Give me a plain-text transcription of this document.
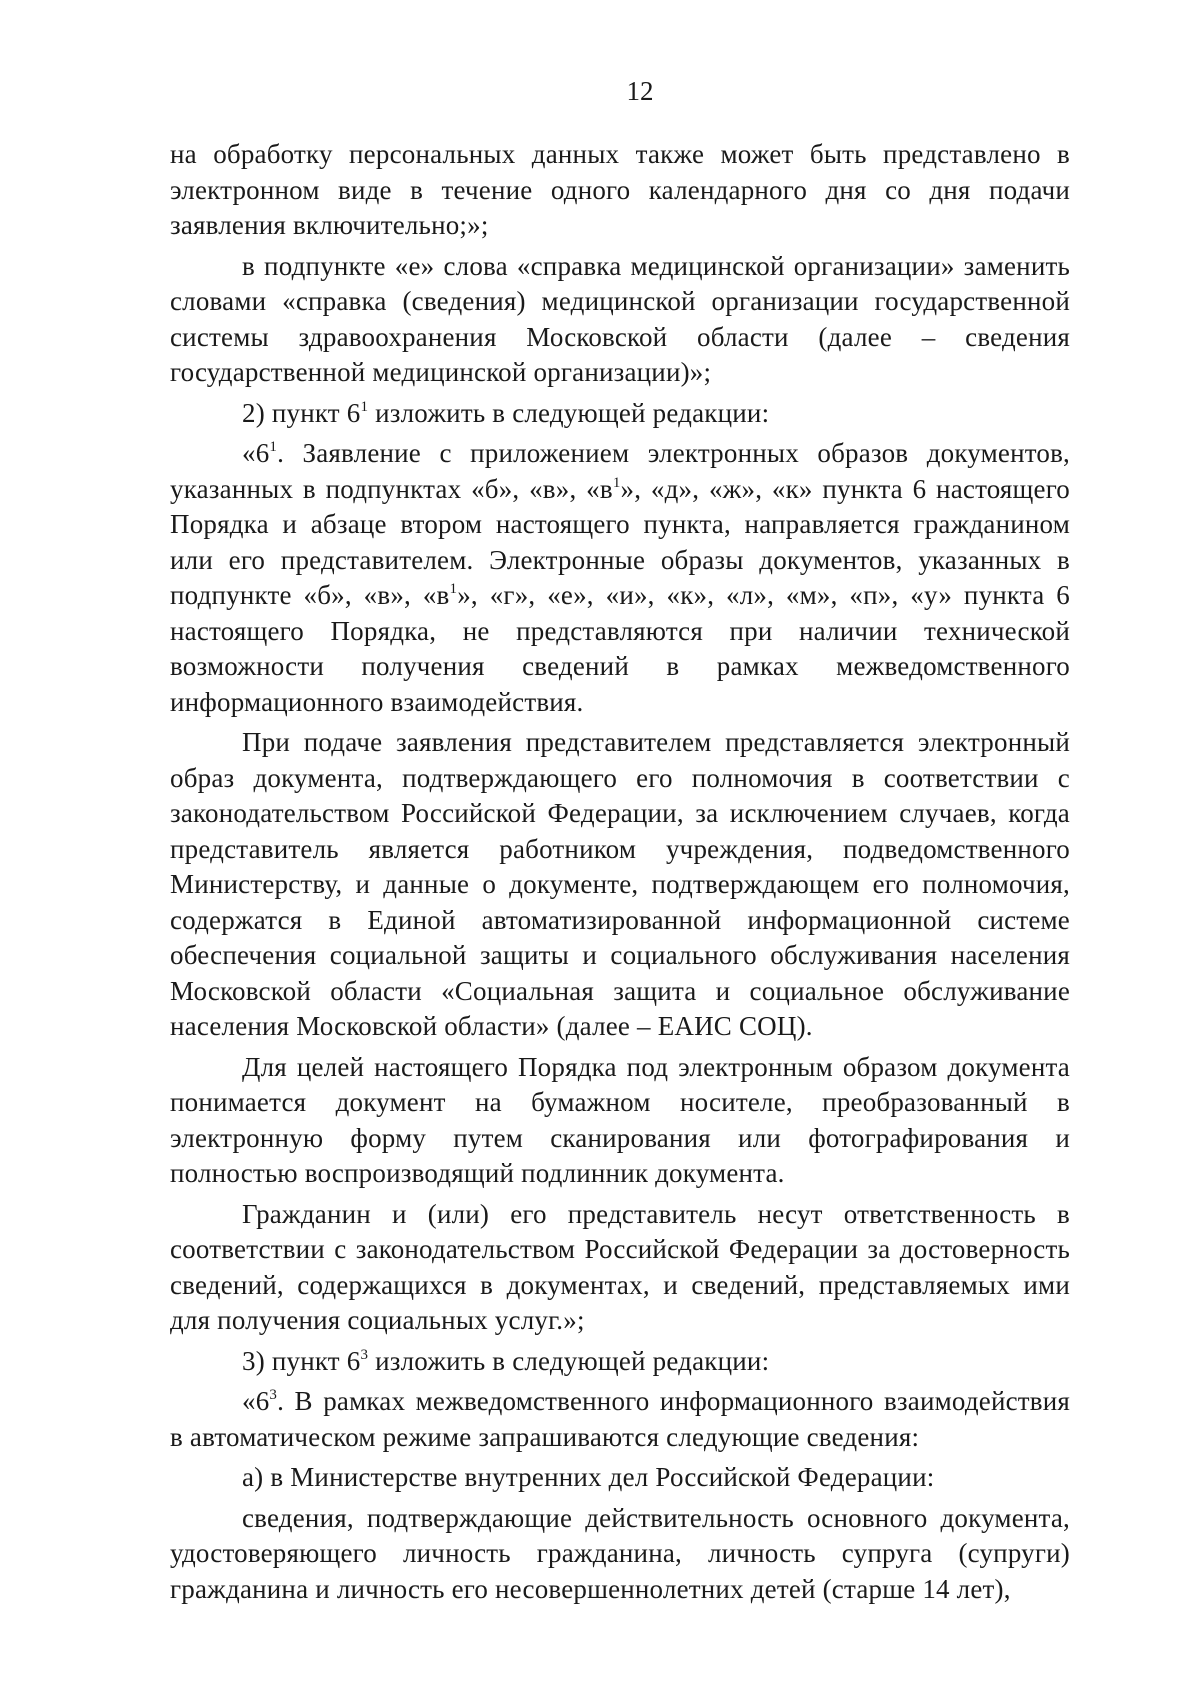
12

на обработку персональных данных также может быть представлено в электронном виде в течение одного календарного дня со дня подачи заявления включительно;»;

в подпункте «е» слова «справка медицинской организации» заменить словами «справка (сведения) медицинской организации государственной системы здравоохранения Московской области (далее – сведения государственной медицинской организации)»;

2) пункт $6^1$ изложить в следующей редакции:

«$6^1$. Заявление с приложением электронных образов документов, указанных в подпунктах «б», «в», «$в^1$», «д», «ж», «к» пункта 6 настоящего Порядка и абзаце втором настоящего пункта, направляется гражданином или его представителем. Электронные образы документов, указанных в подпункте «б», «в», «$в^1$», «г», «е», «и», «к», «л», «м», «п», «у» пункта 6 настоящего Порядка, не представляются при наличии технической возможности получения сведений в рамках межведомственного информационного взаимодействия.

При подаче заявления представителем представляется электронный образ документа, подтверждающего его полномочия в соответствии с законодательством Российской Федерации, за исключением случаев, когда представитель является работником учреждения, подведомственного Министерству, и данные о документе, подтверждающем его полномочия, содержатся в Единой автоматизированной информационной системе обеспечения социальной защиты и социального обслуживания населения Московской области «Социальная защита и социальное обслуживание населения Московской области» (далее – ЕАИС СОЦ).

Для целей настоящего Порядка под электронным образом документа понимается документ на бумажном носителе, преобразованный в электронную форму путем сканирования или фотографирования и полностью воспроизводящий подлинник документа.

Гражданин и (или) его представитель несут ответственность в соответствии с законодательством Российской Федерации за достоверность сведений, содержащихся в документах, и сведений, представляемых ими для получения социальных услуг.»;

3) пункт $6^3$ изложить в следующей редакции:

«$6^3$. В рамках межведомственного информационного взаимодействия в автоматическом режиме запрашиваются следующие сведения:

а) в Министерстве внутренних дел Российской Федерации:

сведения, подтверждающие действительность основного документа, удостоверяющего личность гражданина, личность супруга (супруги) гражданина и личность его несовершеннолетних детей (старше 14 лет),
